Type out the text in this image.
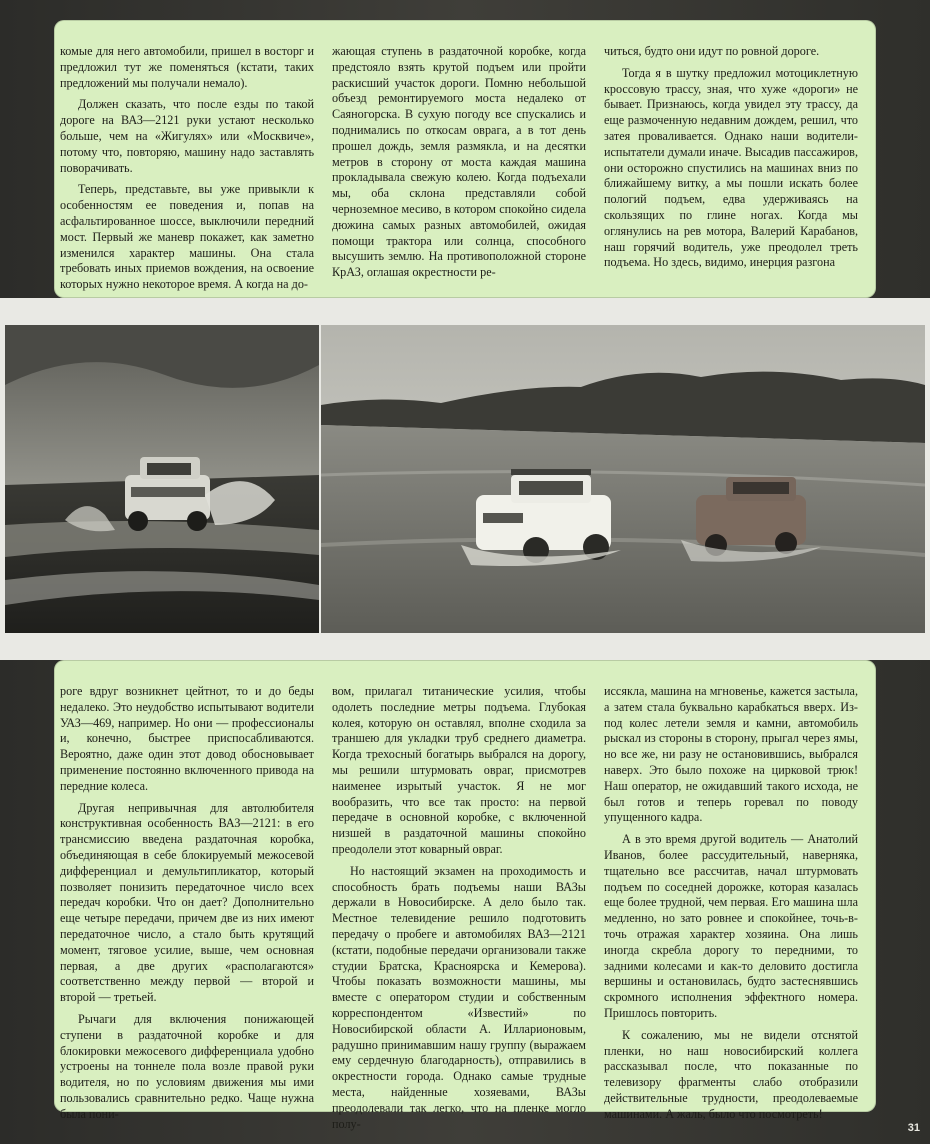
комые для него автомобили, пришел в восторг и предложил тут же поменяться (кстати, таких предложений мы получали немало).

Должен сказать, что после езды по такой дороге на ВАЗ—2121 руки устают несколько больше, чем на «Жигулях» или «Москвиче», потому что, повторяю, машину надо заставлять поворачивать.

Теперь, представьте, вы уже привыкли к особенностям ее поведения и, попав на асфальтированное шоссе, выключили передний мост. Первый же маневр покажет, как заметно изменился характер машины. Она стала требовать иных приемов вождения, на освоение которых нужно некоторое время. А когда на до-

жающая ступень в раздаточной коробке, когда предстояло взять крутой подъем или пройти раскисший участок дороги. Помню небольшой объезд ремонтируемого моста недалеко от Саяногорска. В сухую погоду все спускались и поднимались по откосам оврага, а в тот день прошел дождь, земля размякла, и на десятки метров в сторону от моста каждая машина прокладывала свежую колею. Когда подъехали мы, оба склона представляли собой черноземное месиво, в котором спокойно сидела дюжина самых разных автомобилей, ожидая помощи трактора или солнца, способного высушить землю. На противоположной стороне КрАЗ, оглашая окрестности ре-

читься, будто они идут по ровной дороге.

Тогда я в шутку предложил мотоциклетную кроссовую трассу, зная, что хуже «дороги» не бывает. Признаюсь, когда увидел эту трассу, да еще размоченную недавним дождем, решил, что затея проваливается. Однако наши водители-испытатели думали иначе. Высадив пассажиров, они осторожно спустились на машинах вниз по ближайшему витку, а мы пошли искать более пологий подъем, едва удерживаясь на скользящих по глине ногах. Когда мы оглянулись на рев мотора, Валерий Карабанов, наш горячий водитель, уже преодолел треть подъема. Но здесь, видимо, инерция разгона

роге вдруг возникнет цейтнот, то и до беды недалеко. Это неудобство испытывают водители УАЗ—469, например. Но они — профессионалы и, конечно, быстрее приспосабливаются. Вероятно, даже один этот довод обосновывает применение постоянно включенного привода на передние колеса.

Другая непривычная для автолюбителя конструктивная особенность ВАЗ—2121: в его трансмиссию введена раздаточная коробка, объединяющая в себе блокируемый межосевой дифференциал и демультипликатор, который позволяет понизить передаточное число всех передач коробки. Что он дает? Дополнительно еще четыре передачи, причем две из них имеют передаточное число, а стало быть крутящий момент, тяговое усилие, выше, чем основная первая, а две других «располагаются» соответственно между первой — второй и второй — третьей.

Рычаги для включения понижающей ступени в раздаточной коробке и для блокировки межосевого дифференциала удобно устроены на тоннеле пола возле правой руки водителя, но по условиям движения мы ими пользовались сравнительно редко. Чаще нужна была пони-

вом, прилагал титанические усилия, чтобы одолеть последние метры подъема. Глубокая колея, которую он оставлял, вполне сходила за траншею для укладки труб среднего диаметра. Когда трехосный богатырь выбрался на дорогу, мы решили штурмовать овраг, присмотрев наименее изрытый участок. Я не мог вообразить, что все так просто: на первой передаче в основной коробке, с включенной низшей в раздаточной машины спокойно преодолели этот коварный овраг.

Но настоящий экзамен на проходимость и способность брать подъемы наши ВАЗы держали в Новосибирске. А дело было так. Местное телевидение решило подготовить передачу о пробеге и автомобилях ВАЗ—2121 (кстати, подобные передачи организовали также студии Братска, Красноярска и Кемерова). Чтобы показать возможности машины, мы вместе с оператором студии и собственным корреспондентом «Известий» по Новосибирской области А. Илларионовым, радушно принимавшим нашу группу (выражаем ему сердечную благодарность), отправились в окрестности города. Однако самые трудные места, найденные хозяевами, ВАЗы преодолевали так легко, что на пленке могло полу-

иссякла, машина на мгновенье, кажется застыла, а затем стала буквально карабкаться вверх. Из-под колес летели земля и камни, автомобиль рыскал из стороны в сторону, прыгал через ямы, но все же, ни разу не остановившись, выбрался наверх. Это было похоже на цирковой трюк! Наш оператор, не ожидавший такого исхода, не был готов и теперь горевал по поводу упущенного кадра.

А в это время другой водитель — Анатолий Иванов, более рассудительный, наверняка, тщательно все рассчитав, начал штурмовать подъем по соседней дорожке, которая казалась еще более трудной, чем первая. Его машина шла медленно, но зато ровнее и спокойнее, точь-в-точь отражая характер хозяина. Она лишь иногда скребла дорогу то передними, то задними колесами и как-то деловито достигла вершины и остановилась, будто застеснявшись скромного исполнения эффектного номера. Пришлось повторить.

К сожалению, мы не видели отснятой пленки, но наш новосибирский коллега рассказывал после, что показанные по телевизору фрагменты слабо отобразили действительные трудности, преодолеваемые машинами. А жаль, было что посмотреть!

31
